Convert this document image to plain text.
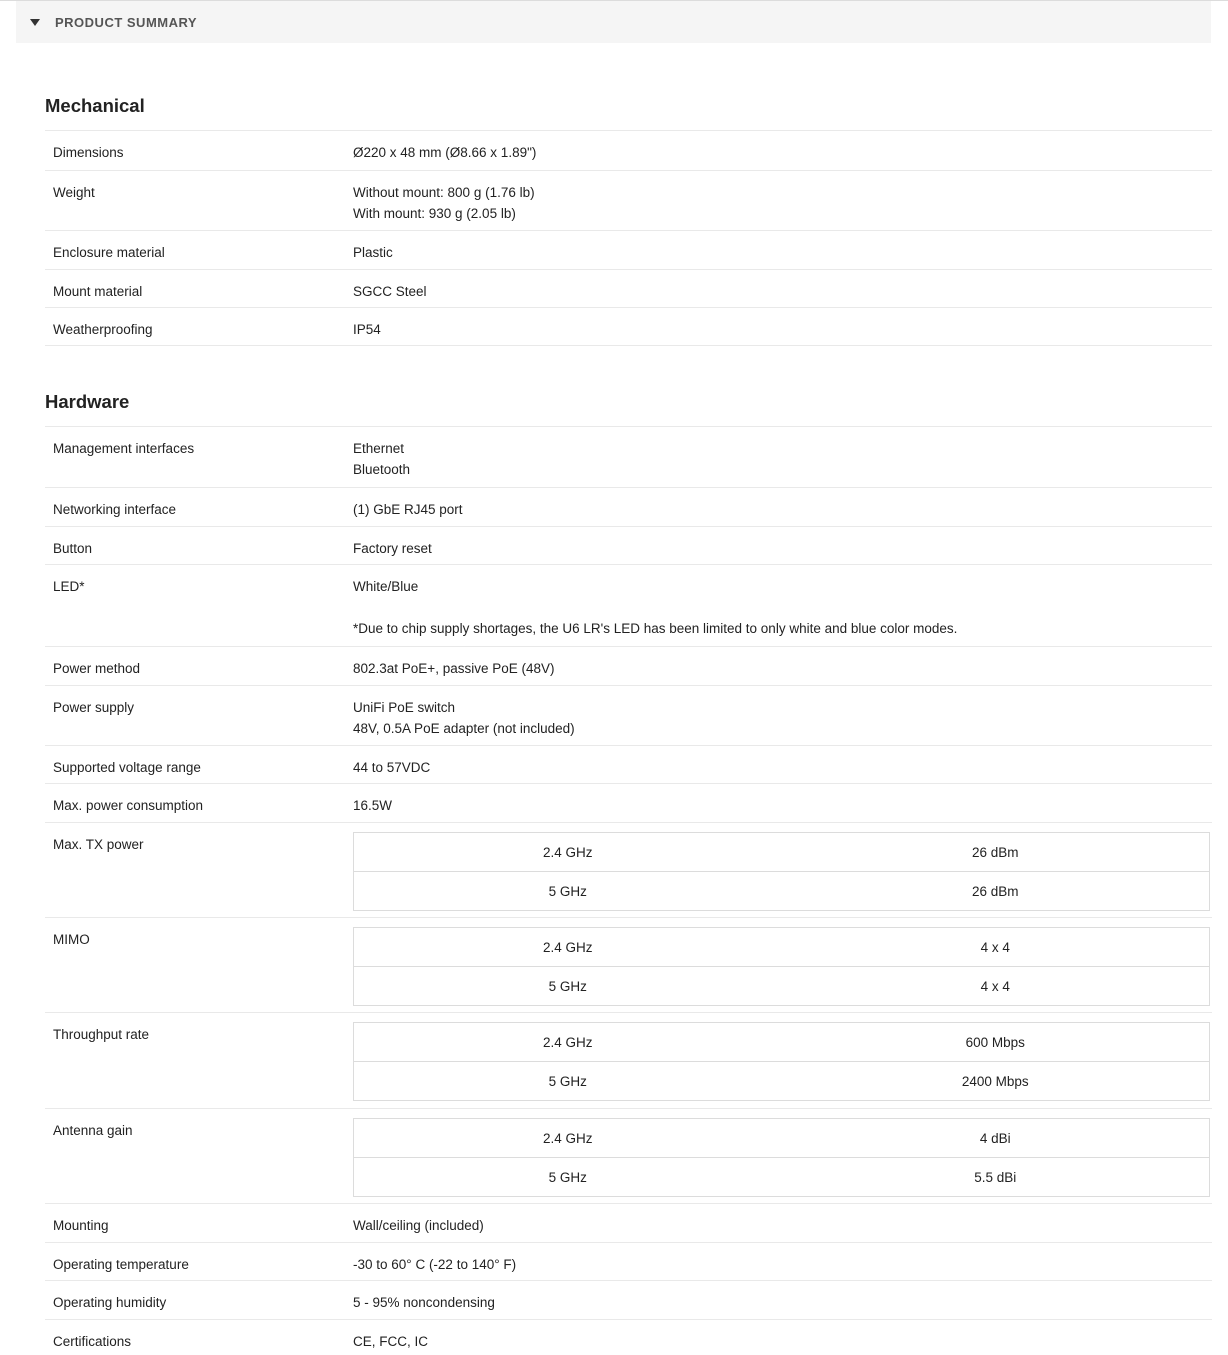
PRODUCT SUMMARY
Mechanical
Dimensions	Ø220 x 48 mm (Ø8.66 x 1.89")
Weight	Without mount: 800 g (1.76 lb)
With mount: 930 g (2.05 lb)
Enclosure material	Plastic
Mount material	SGCC Steel
Weatherproofing	IP54
Hardware
Management interfaces	Ethernet
Bluetooth
Networking interface	(1) GbE RJ45 port
Button	Factory reset
LED*	White/Blue
*Due to chip supply shortages, the U6 LR's LED has been limited to only white and blue color modes.
Power method	802.3at PoE+, passive PoE (48V)
Power supply	UniFi PoE switch
48V, 0.5A PoE adapter (not included)
Supported voltage range	44 to 57VDC
Max. power consumption	16.5W
Max. TX power	2.4 GHz	26 dBm
5 GHz	26 dBm
MIMO	2.4 GHz	4 x 4
5 GHz	4 x 4
Throughput rate	2.4 GHz	600 Mbps
5 GHz	2400 Mbps
Antenna gain	2.4 GHz	4 dBi
5 GHz	5.5 dBi
Mounting	Wall/ceiling (included)
Operating temperature	-30 to 60° C (-22 to 140° F)
Operating humidity	5 - 95% noncondensing
Certifications	CE, FCC, IC
